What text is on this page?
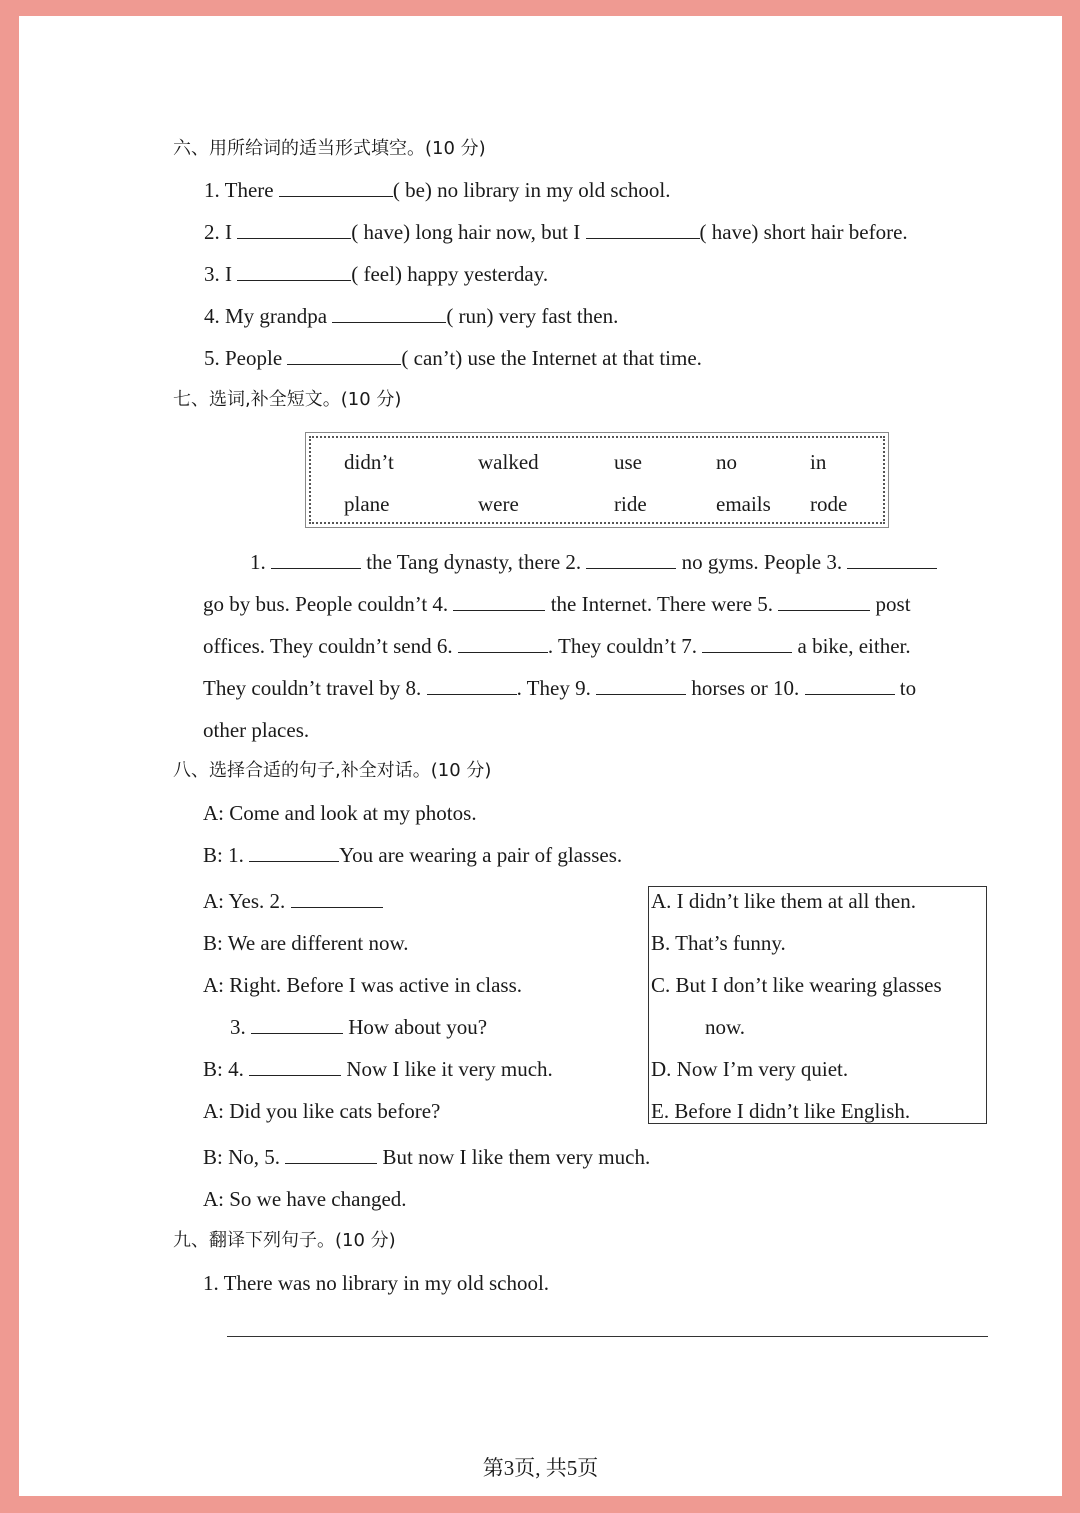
六、用所给词的适当形式填空。(10 分)
1. There	( be) no library in my old school.
2. I	( have) long hair now, but I	( have) short hair before.
3. I	( feel) happy yesterday.
4. My grandpa	( run) very fast then.
5. People	( can’t) use the Internet at that time.
七、选词,补全短文。(10 分)
didn’t	walked	use	no	in
plane	were	ride	emails rode
1.	the Tang dynasty, there 2.	no gyms. People 3.
go by bus. People couldn’t 4.	the Internet. There were 5.	post
offices. They couldn’t send 6.	. They couldn’t 7.	a bike, either.
They couldn’t travel by 8.	. They 9.	horses or 10.	to
other places.
八、选择合适的句子,补全对话。(10 分)
A: Come and look at my photos.
B: 1.	You are wearing a pair of glasses.
A: Yes. 2.
B: We are different now.
A: Right. Before I was active in class.
3.	How about you?
B: 4.	Now I like it very much.
A: Did you like cats before?
B: No, 5.	But now I like them very much.
A: So we have changed.
A. I didn’t like them at all then.
B. That’s funny.
C. But I don’t like wearing glasses
now.
D. Now I’m very quiet.
E. Before I didn’t like English.
九、翻译下列句子。(10 分)
1. There was no library in my old school.
第3页, 共5页
